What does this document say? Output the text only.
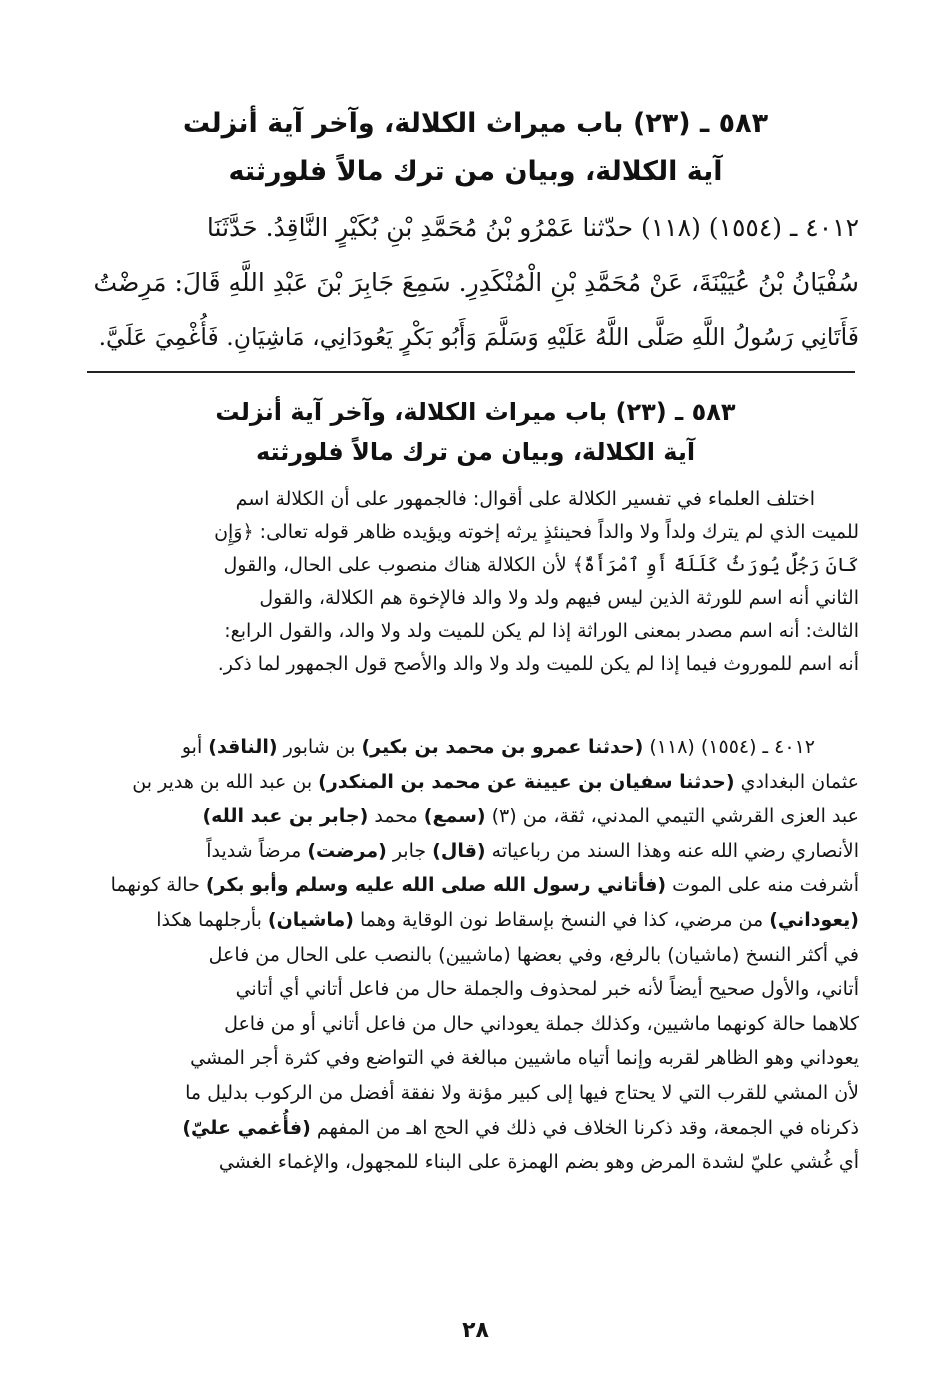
٥٨٣ ـ (٢٣) باب ميراث الكلالة، وآخر آية أنزلت
آية الكلالة، وبيان من ترك مالاً فلورثته
٤٠١٢ ـ (١٥٥٤) (١١٨) حدّثنا عَمْرُو بْنُ مُحَمَّدِ بْنِ بُكَيْرٍ النَّاقِدُ. حَدَّثَنَا
سُفْيَانُ بْنُ عُيَيْنَةَ، عَنْ مُحَمَّدِ بْنِ الْمُنْكَدِرِ. سَمِعَ جَابِرَ بْنَ عَبْدِ اللَّهِ قَالَ: مَرِضْتُ
فَأَتَانِي رَسُولُ اللَّهِ صَلَّى اللَّهُ عَلَيْهِ وَسَلَّمَ وَأَبُو بَكْرٍ يَعُودَانِي، مَاشِيَانِ. فَأُغْمِيَ عَلَيَّ.
٥٨٣ ـ (٢٣) باب ميراث الكلالة، وآخر آية أنزلت
آية الكلالة، وبيان من ترك مالاً فلورثته
اختلف العلماء في تفسير الكلالة على أقوال: فالجمهور على أن الكلالة اسم
للميت الذي لم يترك ولداً ولا والداً فحينئذٍ يرثه إخوته ويؤيده ظاهر قوله تعالى: ﴿وَإِن
كَانَ رَجُلٌ يُورَثُ كَلَلَةً أَوِ ٱمْرَأَةٌ﴾ لأن الكلالة هناك منصوب على الحال، والقول
الثاني أنه اسم للورثة الذين ليس فيهم ولد ولا والد فالإخوة هم الكلالة، والقول
الثالث: أنه اسم مصدر بمعنى الوراثة إذا لم يكن للميت ولد ولا والد، والقول الرابع:
أنه اسم للموروث فيما إذا لم يكن للميت ولد ولا والد والأصح قول الجمهور لما ذكر.
٤٠١٢ ـ (١٥٥٤) (١١٨) (حدثنا عمرو بن محمد بن بكير) بن شابور (الناقد) أبو
عثمان البغدادي (حدثنا سفيان بن عيينة عن محمد بن المنكدر) بن عبد الله بن هدير بن
عبد العزى القرشي التيمي المدني، ثقة، من (٣) (سمع) محمد (جابر بن عبد الله)
الأنصاري رضي الله عنه وهذا السند من رباعياته (قال) جابر (مرضت) مرضاً شديداً
أشرفت منه على الموت (فأتاني رسول الله صلى الله عليه وسلم وأبو بكر) حالة كونهما
(يعوداني) من مرضي، كذا في النسخ بإسقاط نون الوقاية وهما (ماشيان) بأرجلهما هكذا
في أكثر النسخ (ماشيان) بالرفع، وفي بعضها (ماشيين) بالنصب على الحال من فاعل
أتاني، والأول صحيح أيضاً لأنه خبر لمحذوف والجملة حال من فاعل أتاني أي أتاني
كلاهما حالة كونهما ماشيين، وكذلك جملة يعوداني حال من فاعل أتاني أو من فاعل
يعوداني وهو الظاهر لقربه وإنما أتياه ماشيين مبالغة في التواضع وفي كثرة أجر المشي
لأن المشي للقرب التي لا يحتاج فيها إلى كبير مؤنة ولا نفقة أفضل من الركوب بدليل ما
ذكرناه في الجمعة، وقد ذكرنا الخلاف في ذلك في الحج اهـ من المفهم (فأُغمي عليّ)
أي غُشي عليّ لشدة المرض وهو بضم الهمزة على البناء للمجهول، والإغماء الغشي
٢٨
